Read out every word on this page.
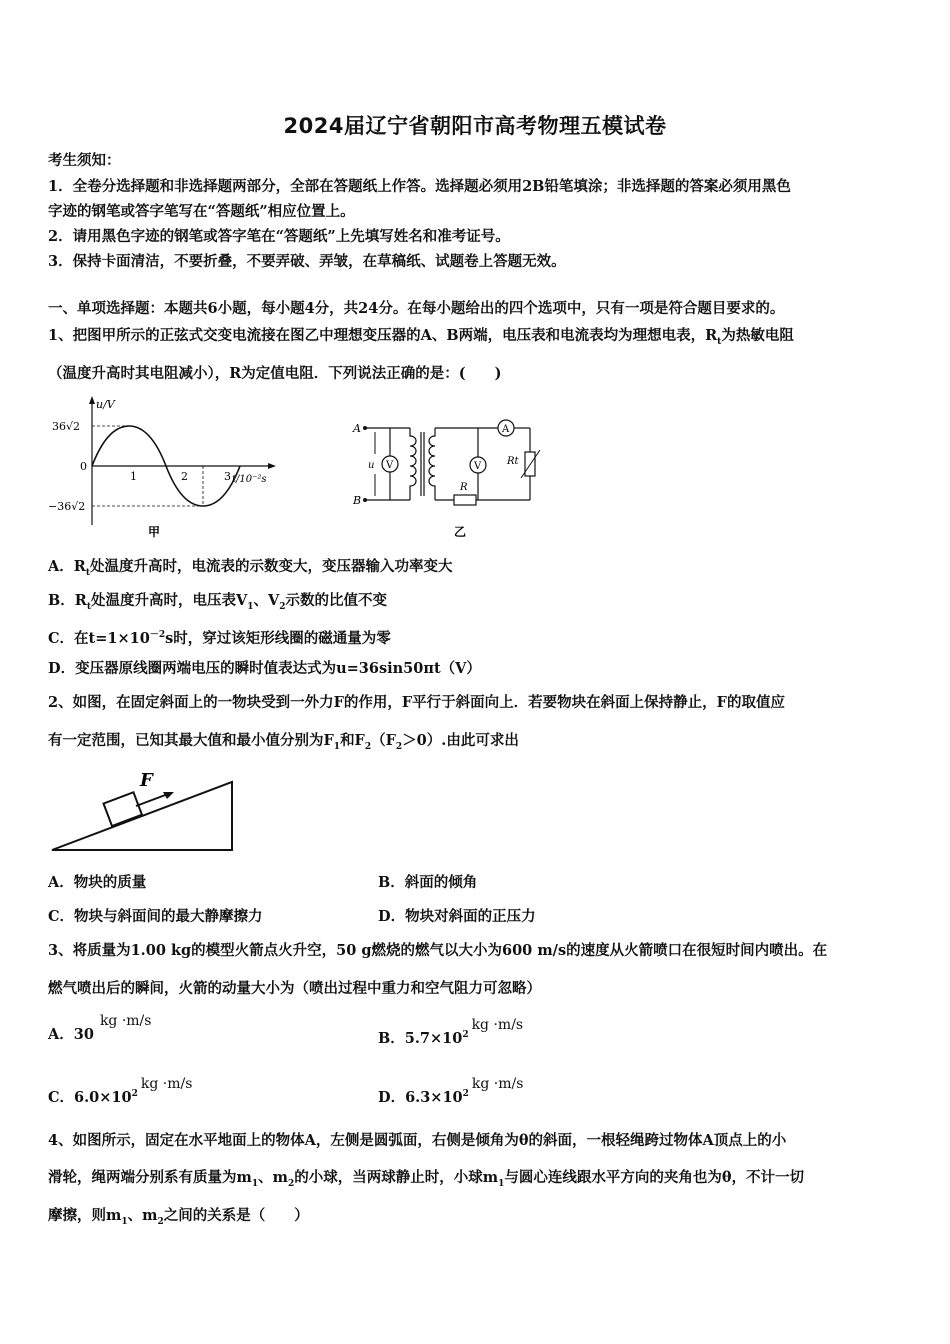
2024届辽宁省朝阳市高考物理五模试卷
考生须知：
1．全卷分选择题和非选择题两部分，全部在答题纸上作答。选择题必须用2B铅笔填涂；非选择题的答案必须用黑色
字迹的钢笔或答字笔写在“答题纸”相应位置上。
2．请用黑色字迹的钢笔或答字笔在“答题纸”上先填写姓名和准考证号。
3．保持卡面清洁，不要折叠，不要弄破、弄皱，在草稿纸、试题卷上答题无效。
一、单项选择题：本题共6小题，每小题4分，共24分。在每小题给出的四个选项中，只有一项是符合题目要求的。
1、把图甲所示的正弦式交变电流接在图乙中理想变压器的A、B两端，电压表和电流表均为理想电表，$R_t$为热敏电阻
（温度升高时其电阻减小），R为定值电阻．下列说法正确的是：(　　)
u/V
36√2
−36√2
0
1	2	3 t/10⁻²s
甲
A
B
u V
A
R
V	Rt
乙
A．$R_t$处温度升高时，电流表的示数变大，变压器输入功率变大
B．$R_t$处温度升高时，电压表$V_1$、$V_2$示数的比值不变
C．在$t=1\times 10^{-2}s$时，穿过该矩形线圈的磁通量为零
D．变压器原线圈两端电压的瞬时值表达式为u=36sin50πt（V）
2、如图，在固定斜面上的一物块受到一外力F的作用，F平行于斜面向上．若要物块在斜面上保持静止，F的取值应
有一定范围，已知其最大值和最小值分别为$F_1$和$F_2(F_2>0)$.由此可求出
F
A．物块的质量	B．斜面的倾角
C．物块与斜面间的最大静摩擦力	D．物块对斜面的正压力
3、将质量为1.00 kg的模型火箭点火升空，50 g燃烧的燃气以大小为600 m/s的速度从火箭喷口在很短时间内喷出。在
燃气喷出后的瞬间，火箭的动量大小为（喷出过程中重力和空气阻力可忽略）
A．30kg ·m/s
B．$5.7\times 10^2kg \cdot m/s$
C．$6.0\times 10^2kg \cdot m/s$
D．$6.3\times 10^2kg \cdot m/s$
4、如图所示，固定在水平地面上的物体A，左侧是圆弧面，右侧是倾角为θ的斜面，一根轻绳跨过物体A顶点上的小
滑轮，绳两端分别系有质量为$m_1$、$m_2$的小球，当两球静止时，小球$m_1$与圆心连线跟水平方向的夹角也为θ，不计一切
摩擦，则$m_1$、$m_2$之间的关系是（　　）
